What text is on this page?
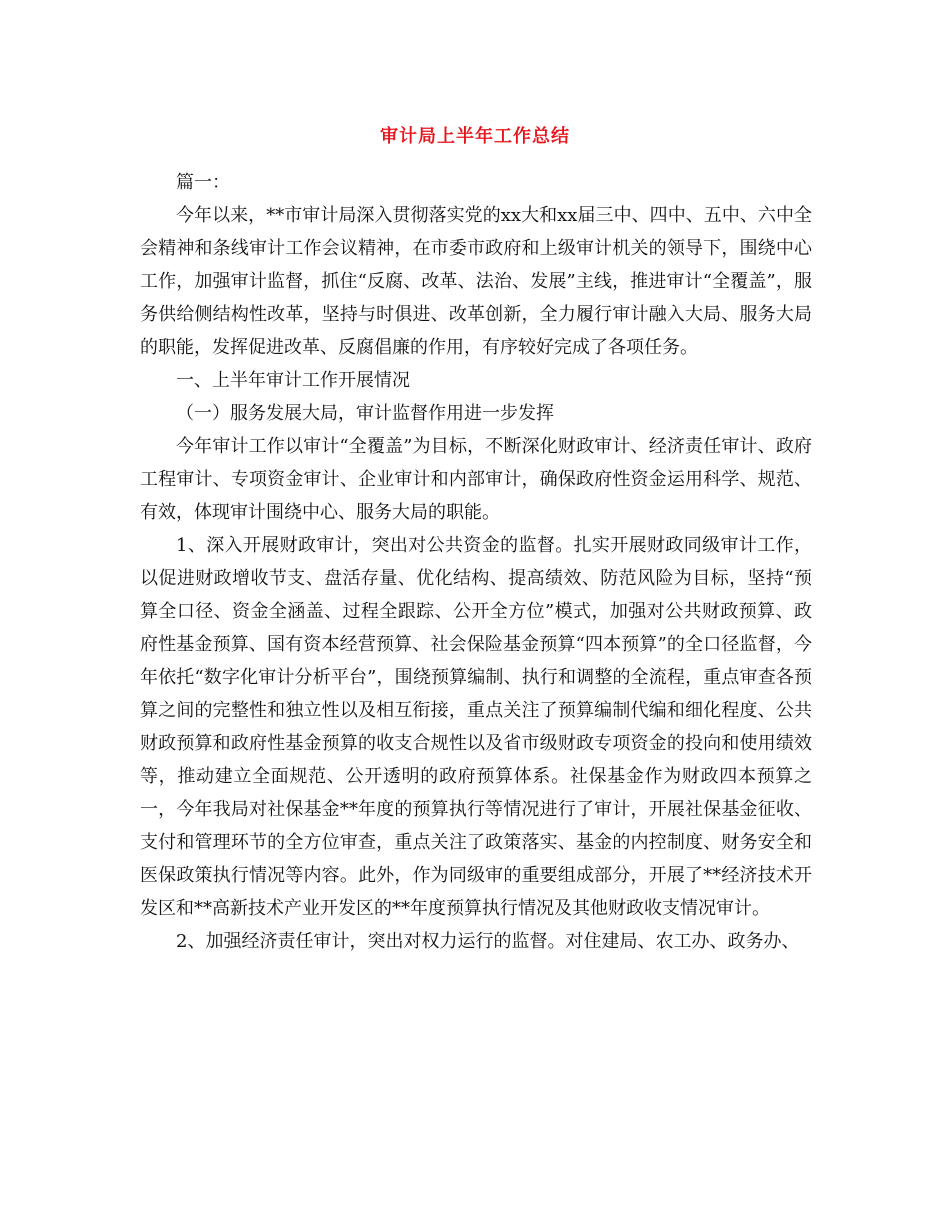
审计局上半年工作总结

篇一：

今年以来，**市审计局深入贯彻落实党的xx大和xx届三中、四中、五中、六中全会精神和条线审计工作会议精神，在市委市政府和上级审计机关的领导下，围绕中心工作，加强审计监督，抓住“反腐、改革、法治、发展”主线，推进审计“全覆盖”，服务供给侧结构性改革，坚持与时俱进、改革创新，全力履行审计融入大局、服务大局的职能，发挥促进改革、反腐倡廉的作用，有序较好完成了各项任务。

一、上半年审计工作开展情况

（一）服务发展大局，审计监督作用进一步发挥

今年审计工作以审计“全覆盖”为目标，不断深化财政审计、经济责任审计、政府工程审计、专项资金审计、企业审计和内部审计，确保政府性资金运用科学、规范、有效，体现审计围绕中心、服务大局的职能。

1、深入开展财政审计，突出对公共资金的监督。扎实开展财政同级审计工作，以促进财政增收节支、盘活存量、优化结构、提高绩效、防范风险为目标，坚持“预算全口径、资金全涵盖、过程全跟踪、公开全方位”模式，加强对公共财政预算、政府性基金预算、国有资本经营预算、社会保险基金预算“四本预算”的全口径监督，今年依托“数字化审计分析平台”，围绕预算编制、执行和调整的全流程，重点审查各预算之间的完整性和独立性以及相互衔接，重点关注了预算编制代编和细化程度、公共财政预算和政府性基金预算的收支合规性以及省市级财政专项资金的投向和使用绩效等，推动建立全面规范、公开透明的政府预算体系。社保基金作为财政四本预算之一，今年我局对社保基金**年度的预算执行等情况进行了审计，开展社保基金征收、支付和管理环节的全方位审查，重点关注了政策落实、基金的内控制度、财务安全和医保政策执行情况等内容。此外，作为同级审的重要组成部分，开展了**经济技术开发区和**高新技术产业开发区的**年度预算执行情况及其他财政收支情况审计。

2、加强经济责任审计，突出对权力运行的监督。对住建局、农工办、政务办、
